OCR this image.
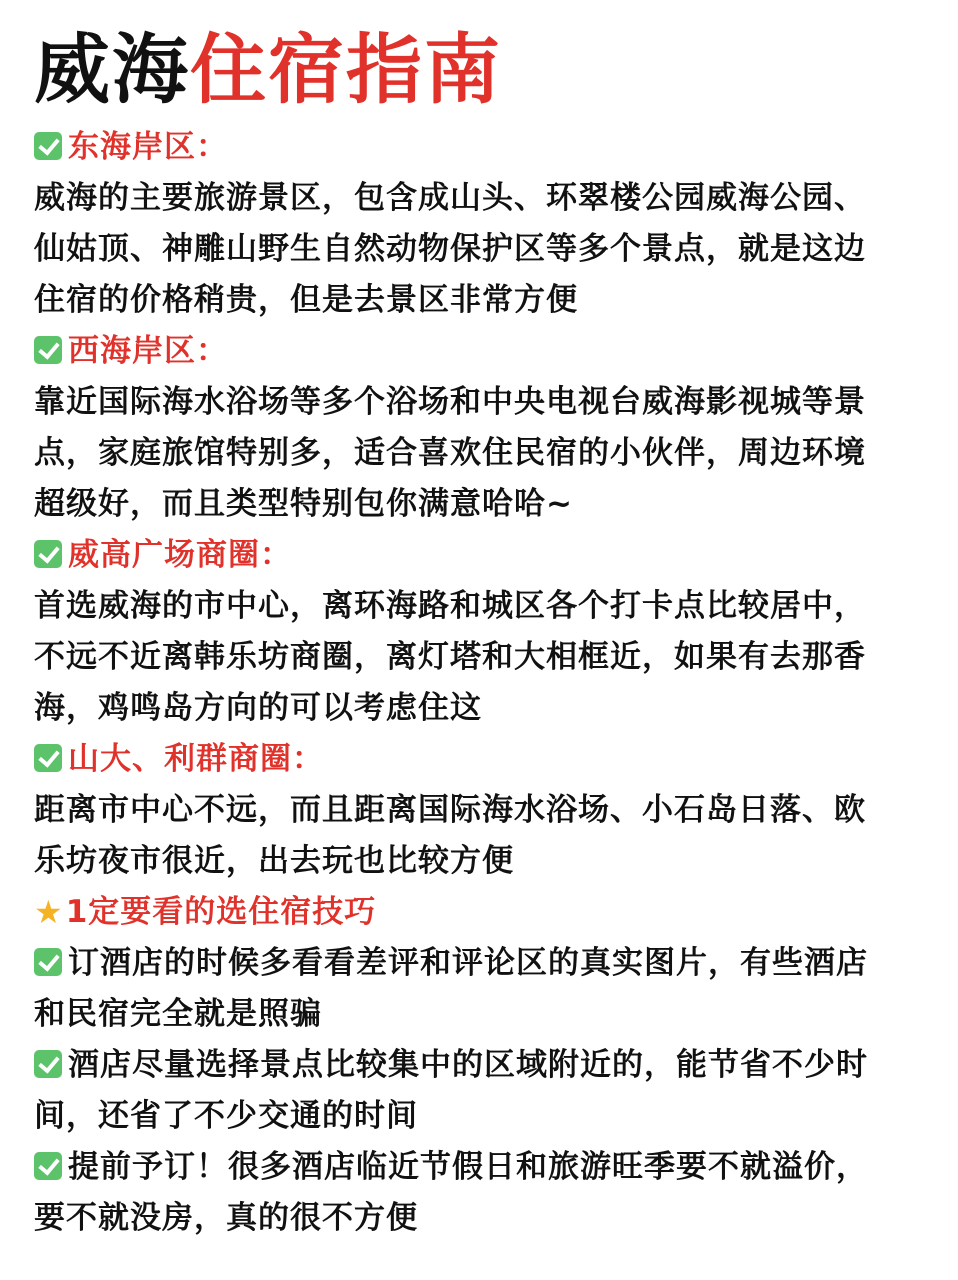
威海住宿指南
东海岸区：
威海的主要旅游景区，包含成山头、环翠楼公园威海公园、
仙姑顶、神雕山野生自然动物保护区等多个景点，就是这边
住宿的价格稍贵，但是去景区非常方便
西海岸区：
靠近国际海水浴场等多个浴场和中央电视台威海影视城等景
点，家庭旅馆特别多，适合喜欢住民宿的小伙伴，周边环境
超级好，而且类型特别包你满意哈哈~
威高广场商圈：
首选威海的市中心，离环海路和城区各个打卡点比较居中，
不远不近离韩乐坊商圈，离灯塔和大相框近，如果有去那香
海，鸡鸣岛方向的可以考虑住这
山大、利群商圈：
距离市中心不远，而且距离国际海水浴场、小石岛日落、欧
乐坊夜市很近，出去玩也比较方便
★1定要看的选住宿技巧
订酒店的时候多看看差评和评论区的真实图片，有些酒店
和民宿完全就是照骗
酒店尽量选择景点比较集中的区域附近的，能节省不少时
间，还省了不少交通的时间
提前予订！很多酒店临近节假日和旅游旺季要不就溢价，
要不就没房，真的很不方便
